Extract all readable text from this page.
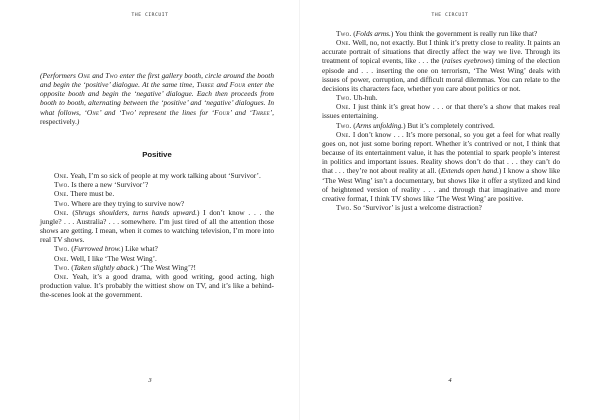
THE CIRCUIT

(Performers One and Two enter the first gallery booth, circle around the booth and begin the ‘positive’ dialogue. At the same time, Three and Four enter the opposite booth and begin the ‘negative’ dialogue. Each then proceeds from booth to booth, alternating between the ‘positive’ and ‘negative’ dialogues. In what follows, ‘One’ and ‘Two’ represent the lines for ‘Four’ and ‘Three’, respectively.)

Positive

One. Yeah, I’m so sick of people at my work talking about ‘Survivor’.

Two. Is there a new ‘Survivor’?

One. There must be.

Two. Where are they trying to survive now?

One. (Shrugs shoulders, turns hands upward.) I don’t know . . . the jungle? . . . Australia? . . . somewhere. I’m just tired of all the attention those shows are getting. I mean, when it comes to watching television, I’m more into real TV shows.

Two. (Furrowed brow.) Like what?

One. Well, I like ‘The West Wing’.

Two. (Taken slightly aback.) ‘The West Wing’?!

One. Yeah, it’s a good drama, with good writing, good acting, high production value. It’s probably the wittiest show on TV, and it’s like a behind-the-scenes look at the government.

3
THE CIRCUIT

Two. (Folds arms.) You think the government is really run like that?

One. Well, no, not exactly. But I think it’s pretty close to reality. It paints an accurate portrait of situations that directly affect the way we live. Through its treatment of topical events, like . . . the (raises eyebrows) timing of the election episode and . . . inserting the one on terrorism, ‘The West Wing’ deals with issues of power, corruption, and difficult moral dilemmas. You can relate to the decisions its characters face, whether you care about politics or not.

Two. Uh-huh.

One. I just think it’s great how . . . or that there’s a show that makes real issues entertaining.

Two. (Arms unfolding.) But it’s completely contrived.

One. I don’t know . . . It’s more personal, so you get a feel for what really goes on, not just some boring report. Whether it’s contrived or not, I think that because of its entertainment value, it has the potential to spark people’s interest in politics and important issues. Reality shows don’t do that . . . they can’t do that . . . they’re not about reality at all. (Extends open hand.) I know a show like ‘The West Wing’ isn’t a documentary, but shows like it offer a stylized and kind of heightened version of reality . . . and through that imaginative and more creative format, I think TV shows like ‘The West Wing’ are positive.

Two. So ‘Survivor’ is just a welcome distraction?

4
